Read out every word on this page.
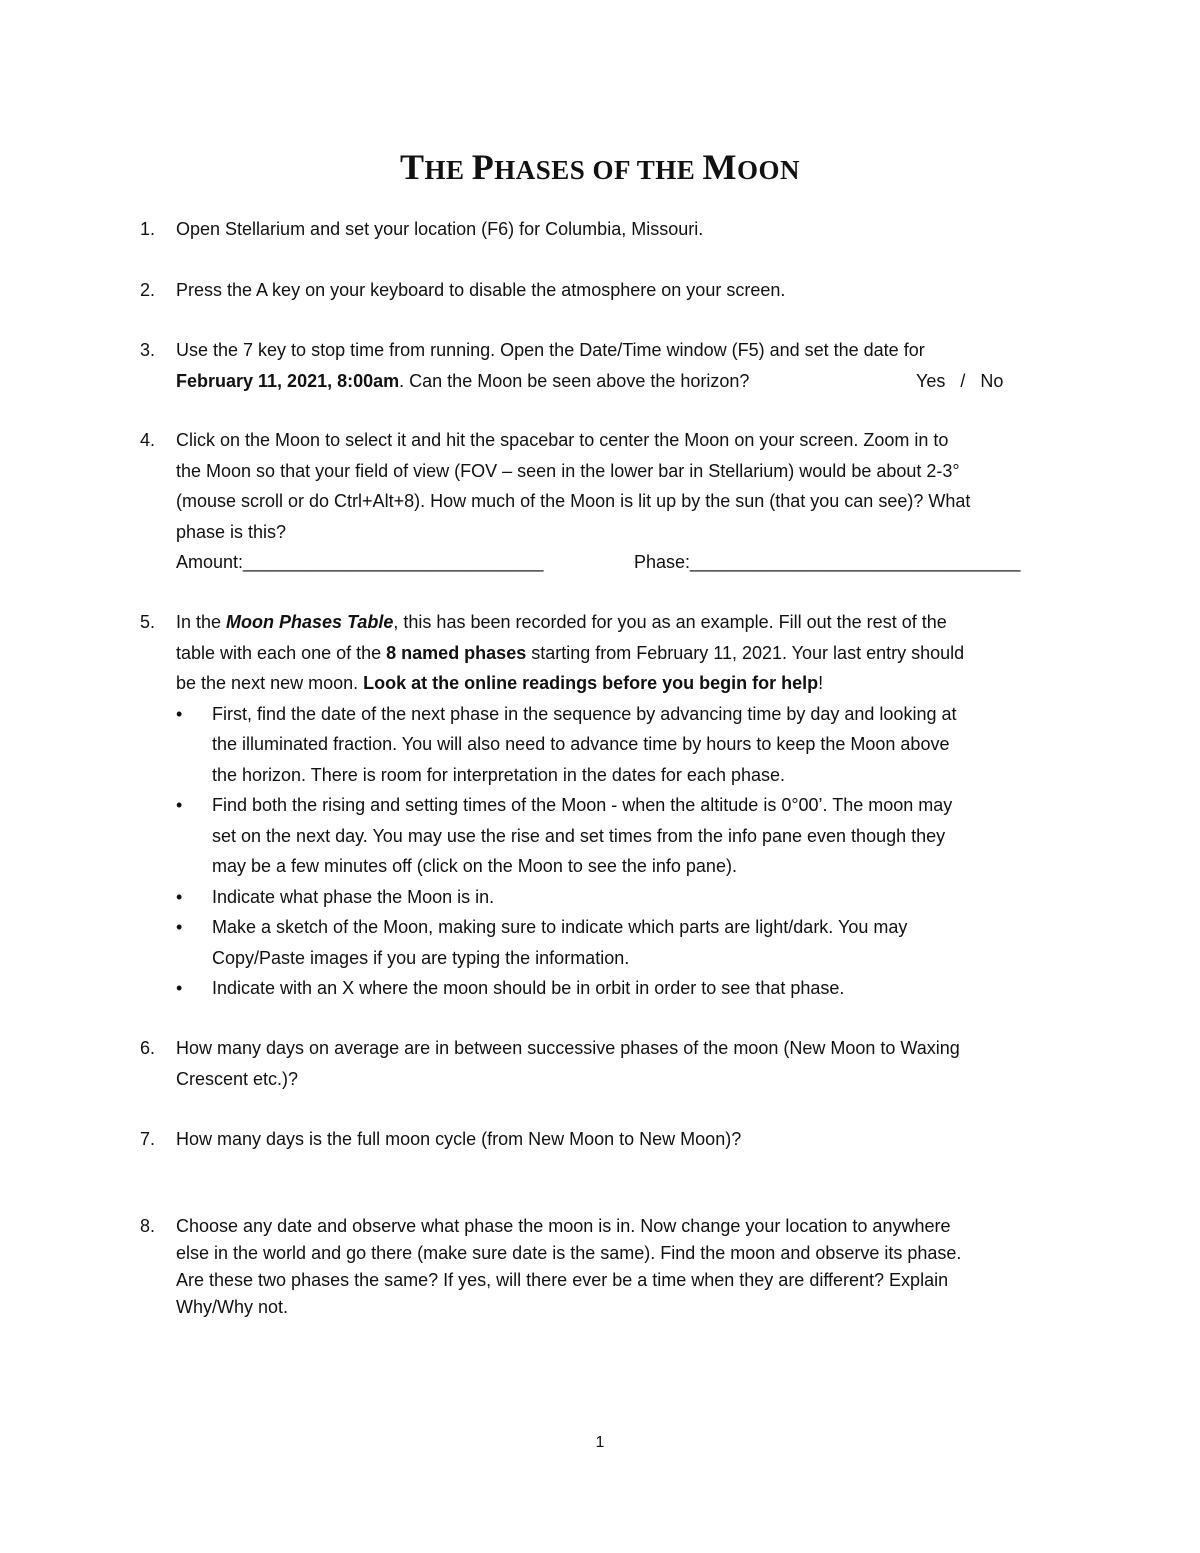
THE PHASES OF THE MOON
1.	Open Stellarium and set your location (F6) for Columbia, Missouri.
2.	Press the A key on your keyboard to disable the atmosphere on your screen.
3.	Use the 7 key to stop time from running. Open the Date/Time window (F5) and set the date for
February 11, 2021, 8:00am. Can the Moon be seen above the horizon?	Yes   /   No
4.	Click on the Moon to select it and hit the spacebar to center the Moon on your screen. Zoom in to
the Moon so that your field of view (FOV – seen in the lower bar in Stellarium) would be about 2-3°
(mouse scroll or do Ctrl+Alt+8). How much of the Moon is lit up by the sun (that you can see)? What
phase is this?
Amount:______________________________	Phase:_________________________________
5.	In the Moon Phases Table, this has been recorded for you as an example. Fill out the rest of the
table with each one of the 8 named phases starting from February 11, 2021. Your last entry should
be the next new moon. Look at the online readings before you begin for help!
• First, find the date of the next phase in the sequence by advancing time by day and looking at
the illuminated fraction. You will also need to advance time by hours to keep the Moon above
the horizon. There is room for interpretation in the dates for each phase.
• Find both the rising and setting times of the Moon - when the altitude is 0°00’. The moon may
set on the next day. You may use the rise and set times from the info pane even though they
may be a few minutes off (click on the Moon to see the info pane).
• Indicate what phase the Moon is in.
• Make a sketch of the Moon, making sure to indicate which parts are light/dark. You may
Copy/Paste images if you are typing the information.
• Indicate with an X where the moon should be in orbit in order to see that phase.
6.	How many days on average are in between successive phases of the moon (New Moon to Waxing
Crescent etc.)?
7.	How many days is the full moon cycle (from New Moon to New Moon)?
8.	Choose any date and observe what phase the moon is in. Now change your location to anywhere
else in the world and go there (make sure date is the same). Find the moon and observe its phase.
Are these two phases the same? If yes, will there ever be a time when they are different? Explain
Why/Why not.
1
